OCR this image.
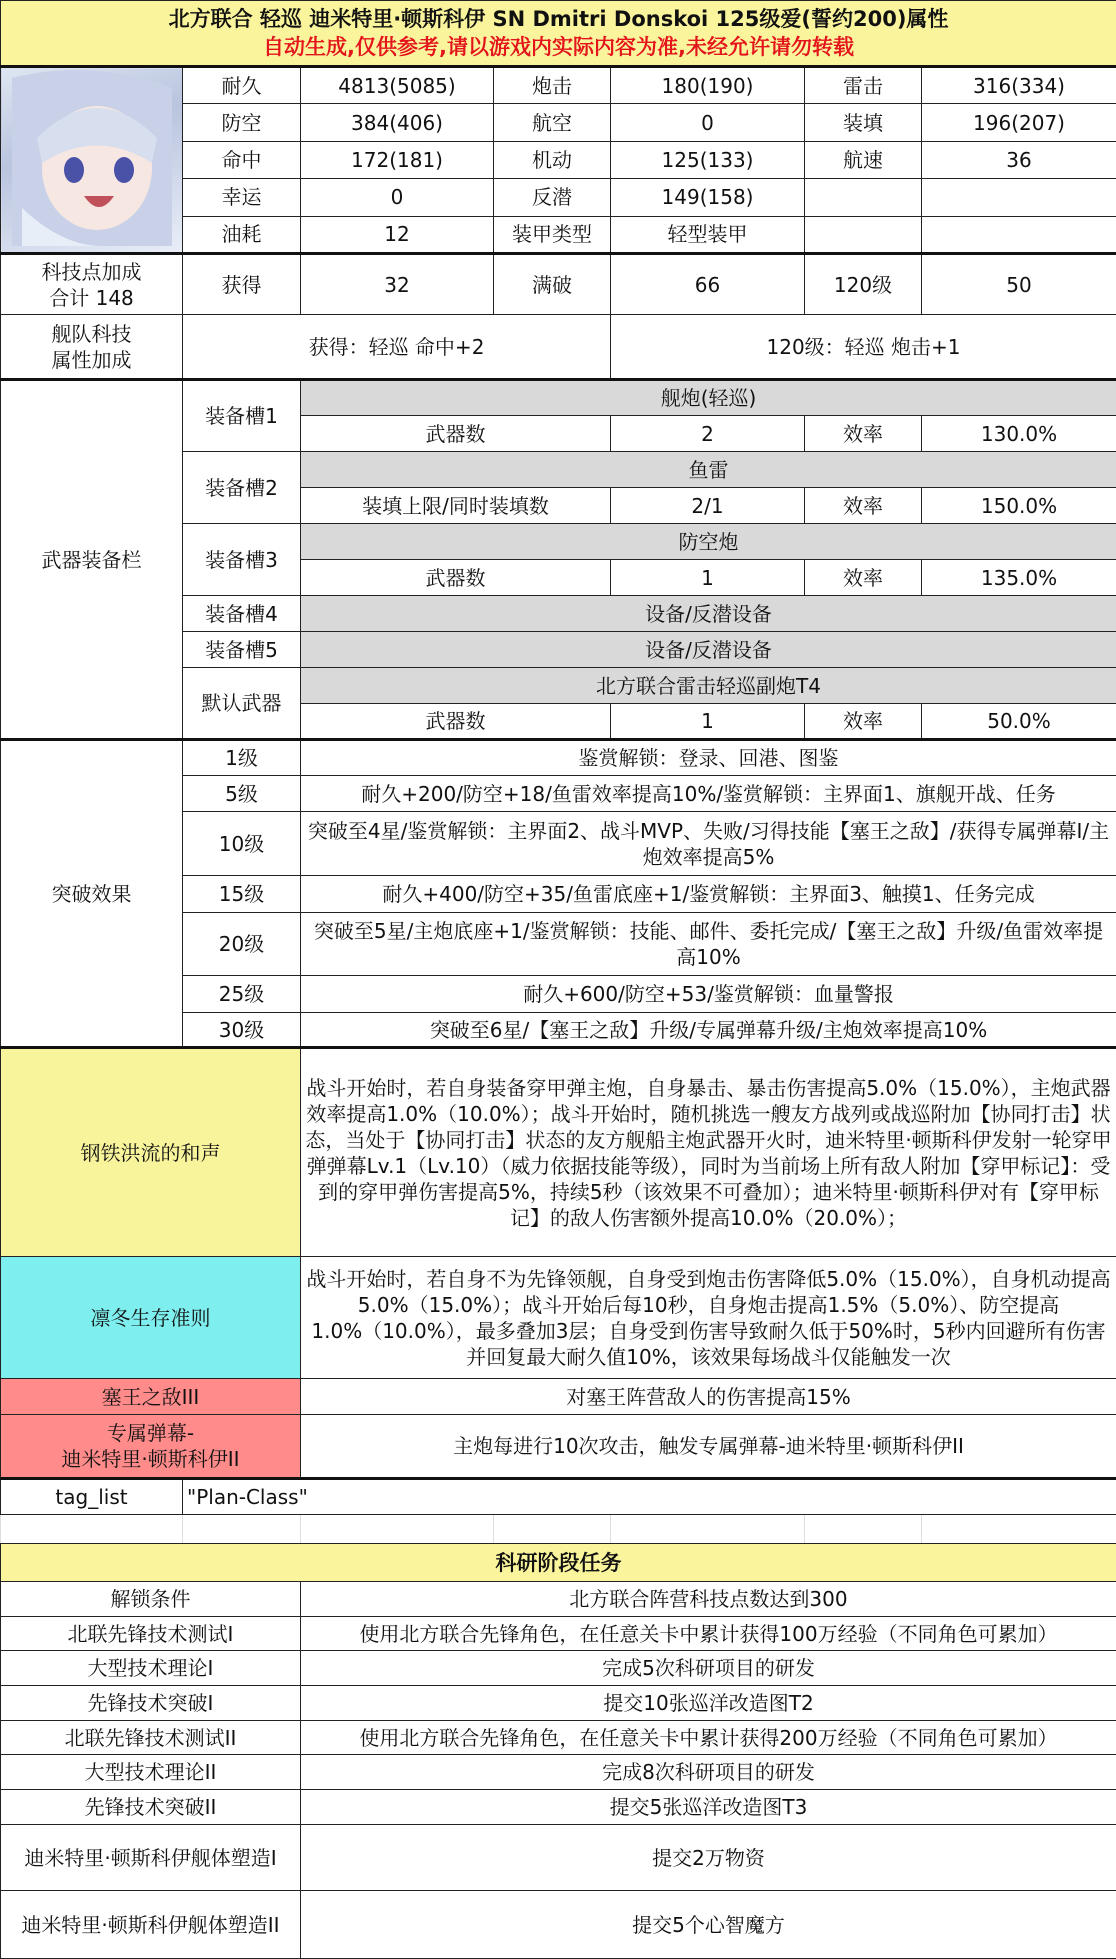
北方联合 轻巡 迪米特里·顿斯科伊 SN Dmitri Donskoi 125级爱(誓约200)属性
自动生成,仅供参考,请以游戏内实际内容为准,未经允许请勿转载						

	耐久	4813(5085)	炮击	180(190)	雷击	316(334)
	防空	384(406)	航空	0	装填	196(207)
	命中	172(181)	机动	125(133)	航速	36
	幸运	0	反潜	149(158)		
	油耗	12	装甲类型	轻型装甲		

科技点加成
合计 148	获得	32	满破	66	120级	50

舰队科技
属性加成	获得：轻巡 命中+2			120级：轻巡 炮击+1		
武器装备栏	装备槽1	舰炮(轻巡)				
		武器数		2	效率	130.0%
	装备槽2	鱼雷				
		装填上限/同时装填数		2/1	效率	150.0%
	装备槽3	防空炮				
		武器数		1	效率	135.0%
	装备槽4	设备/反潜设备				
	装备槽5	设备/反潜设备				
	默认武器	北方联合雷击轻巡副炮T4				
		武器数		1	效率	50.0%
突破效果	1级	鉴赏解锁：登录、回港、图鉴				
	5级	耐久+200/防空+18/鱼雷效率提高10%/鉴赏解锁：主界面1、旗舰开战、任务				
	10级	突破至4星/鉴赏解锁：主界面2、战斗MVP、失败/习得技能【塞王之敌】/获得专属弹幕I/主炮效率提高5%				
	15级	耐久+400/防空+35/鱼雷底座+1/鉴赏解锁：主界面3、触摸1、任务完成				
	20级	突破至5星/主炮底座+1/鉴赏解锁：技能、邮件、委托完成/【塞王之敌】升级/鱼雷效率提高10%				
	25级	耐久+600/防空+53/鉴赏解锁：血量警报				
	30级	突破至6星/【塞王之敌】升级/专属弹幕升级/主炮效率提高10%				
钢铁洪流的和声		战斗开始时，若自身装备穿甲弹主炮，自身暴击、暴击伤害提高5.0%（15.0%），主炮武器效率提高1.0%（10.0%）；战斗开始时，随机挑选一艘友方战列或战巡附加【协同打击】状态，当处于【协同打击】状态的友方舰船主炮武器开火时，迪米特里·顿斯科伊发射一轮穿甲弹弹幕Lv.1（Lv.10）（威力依据技能等级），同时为当前场上所有敌人附加【穿甲标记】：受到的穿甲弹伤害提高5%，持续5秒（该效果不可叠加）；迪米特里·顿斯科伊对有【穿甲标记】的敌人伤害额外提高10.0%（20.0%）；				
凛冬生存准则		战斗开始时，若自身不为先锋领舰，自身受到炮击伤害降低5.0%（15.0%），自身机动提高5.0%（15.0%）；战斗开始后每10秒，自身炮击提高1.5%（5.0%）、防空提高1.0%（10.0%），最多叠加3层；自身受到伤害导致耐久低于50%时，5秒内回避所有伤害并回复最大耐久值10%，该效果每场战斗仅能触发一次				
塞王之敌III		对塞王阵营敌人的伤害提高15%				

专属弹幕-
迪米特里·顿斯科伊II		主炮每进行10次攻击，触发专属弹幕-迪米特里·顿斯科伊II				
tag_list	"Plan-Class"					

科研阶段任务						
解锁条件		北方联合阵营科技点数达到300				
北联先锋技术测试I		使用北方联合先锋角色，在任意关卡中累计获得100万经验（不同角色可累加）				
大型技术理论I		完成5次科研项目的研发				
先锋技术突破I		提交10张巡洋改造图T2				
北联先锋技术测试II		使用北方联合先锋角色，在任意关卡中累计获得200万经验（不同角色可累加）				
大型技术理论II		完成8次科研项目的研发				
先锋技术突破II		提交5张巡洋改造图T3				
迪米特里·顿斯科伊舰体塑造I		提交2万物资				
迪米特里·顿斯科伊舰体塑造II		提交5个心智魔方				
